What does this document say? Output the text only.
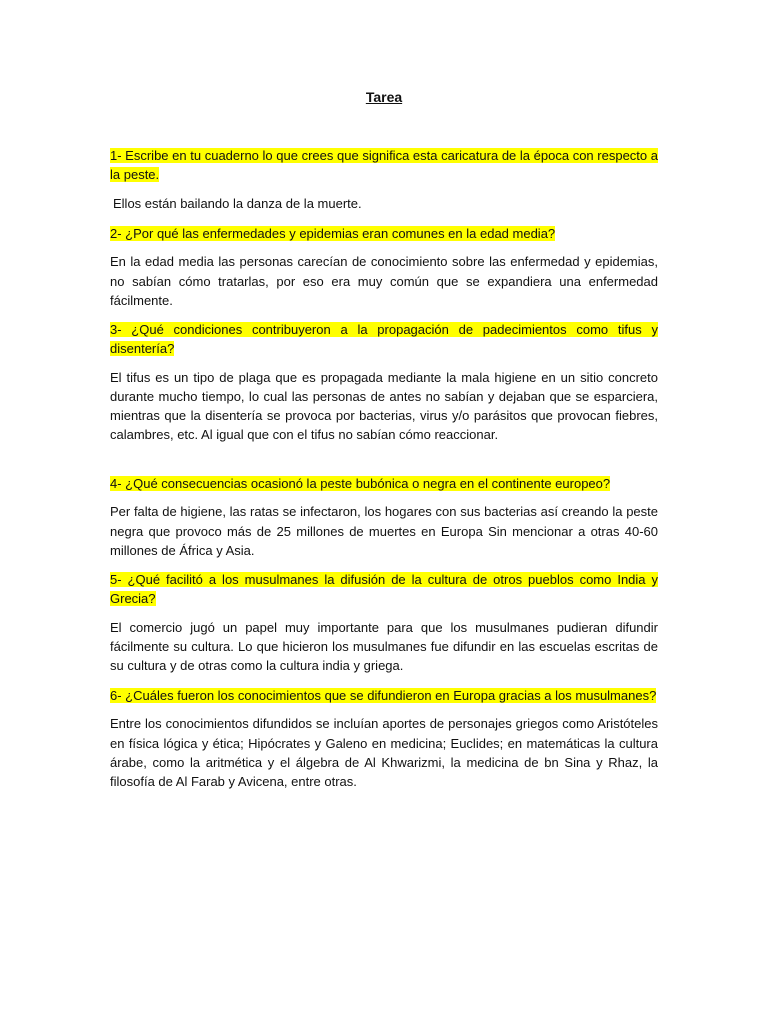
Tarea

1- Escribe en tu cuaderno lo que crees que significa esta caricatura de la época con respecto a la peste.

Ellos están bailando la danza de la muerte.

2- ¿Por qué las enfermedades y epidemias eran comunes en la edad media?

En la edad media las personas carecían de conocimiento sobre las enfermedad y epidemias, no sabían cómo tratarlas, por eso era muy común que se expandiera una enfermedad fácilmente.

3- ¿Qué condiciones contribuyeron a la propagación de padecimientos como tifus y disentería?

El tifus es un tipo de plaga que es propagada mediante la mala higiene en un sitio concreto durante mucho tiempo, lo cual las personas de antes no sabían y dejaban que se esparciera, mientras que la disentería se provoca por bacterias, virus y/o parásitos que provocan fiebres, calambres, etc. Al igual que con el tifus no sabían cómo reaccionar.

4- ¿Qué consecuencias ocasionó la peste bubónica o negra en el continente europeo?

Per falta de higiene, las ratas se infectaron, los hogares con sus bacterias así creando la peste negra que provoco más de 25 millones de muertes en Europa Sin mencionar a otras 40-60 millones de África y Asia.

5- ¿Qué facilitó a los musulmanes la difusión de la cultura de otros pueblos como India y Grecia?

El comercio jugó un papel muy importante para que los musulmanes pudieran difundir fácilmente su cultura. Lo que hicieron los musulmanes fue difundir en las escuelas escritas de su cultura y de otras como la cultura india y griega.

6- ¿Cuáles fueron los conocimientos que se difundieron en Europa gracias a los musulmanes?

Entre los conocimientos difundidos se incluían aportes de personajes griegos como Aristóteles en física lógica y ética; Hipócrates y Galeno en medicina; Euclides; en matemáticas la cultura árabe, como la aritmética y el álgebra de Al Khwarizmi, la medicina de bn Sina y Rhaz, la filosofía de Al Farab y Avicena, entre otras.
